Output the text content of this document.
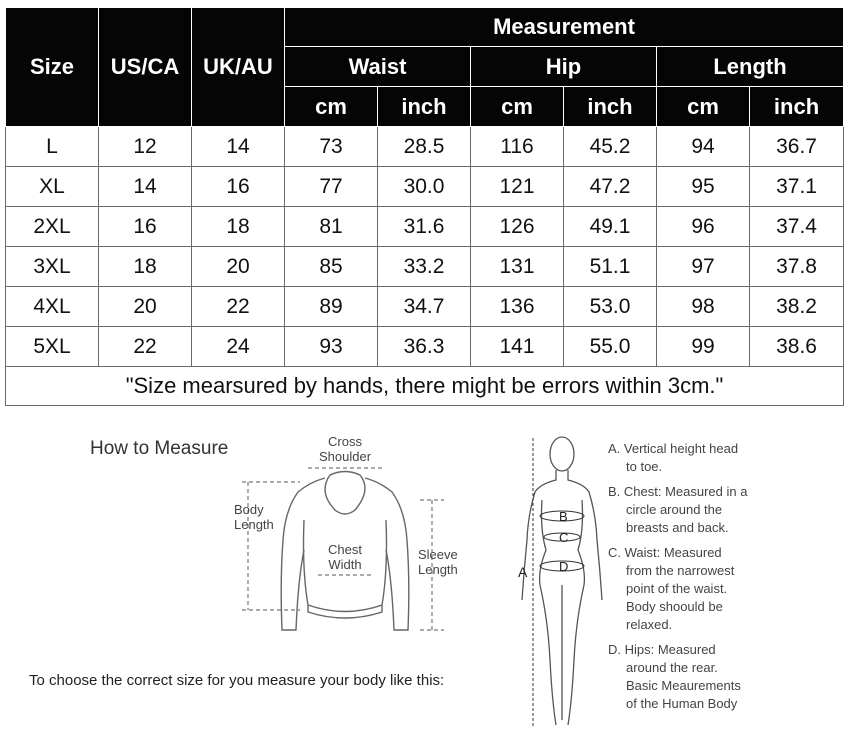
Size	US/CA	UK/AU	Measurement					
			Waist		Hip		Length	
			cm	inch	cm	inch	cm	inch
L	12	14	73	28.5	116	45.2	94	36.7
XL	14	16	77	30.0	121	47.2	95	37.1
2XL	16	18	81	31.6	126	49.1	96	37.4
3XL	18	20	85	33.2	131	51.1	97	37.8
4XL	20	22	89	34.7	136	53.0	98	38.2
5XL	22	24	93	36.3	141	55.0	99	38.6
"Size mearsured by hands, there might be errors within 3cm."								
How to Measure	Cross
Shoulder
Body
Length
Chest
Width
Sleeve
Length	A
B
C
D
To choose the correct size for you measure your body like this:
A. Vertical height head
to toe.
B. Chest: Measured in a
circle around the
breasts and back.
C. Waist: Measured
from the narrowest
point of the waist.
Body shoould be
relaxed.
D. Hips: Measured
around the rear.
Basic Meaurements
of the Human Body
